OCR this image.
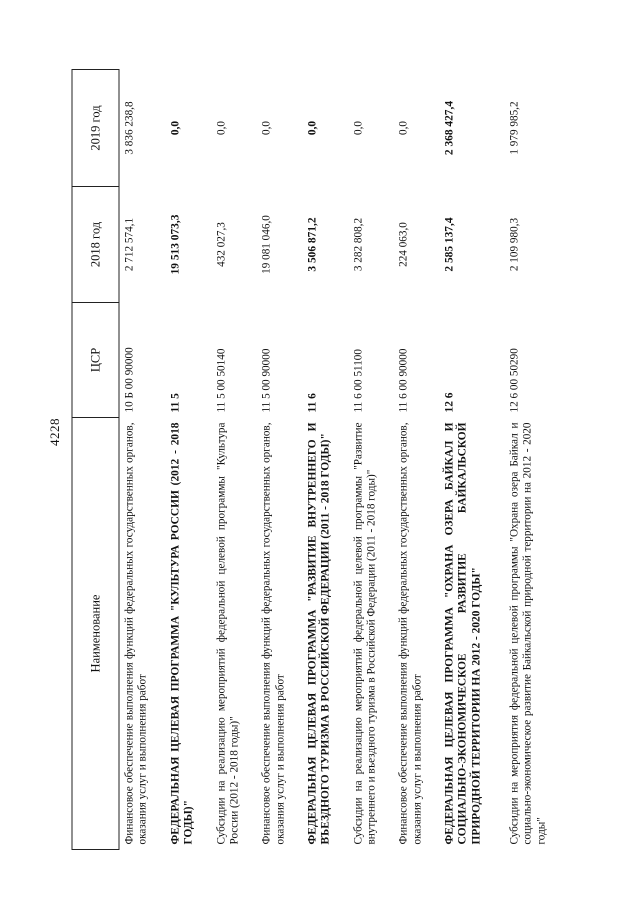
4228
Наименование	ЦСР	2018 год	2019 год
Финансовое обеспечение выполнения функций федеральных государственных органов, оказания услуг и выполнения работ	10 Б 00 90000	2 712 574,1	3 836 238,8
ФЕДЕРАЛЬНАЯ ЦЕЛЕВАЯ ПРОГРАММА "КУЛЬТУРА РОССИИ (2012 - 2018 ГОДЫ)"	11 5	19 513 073,3	0,0
Субсидии на реализацию мероприятий федеральной целевой программы "Культура России (2012 - 2018 годы)"	11 5 00 50140	432 027,3	0,0
Финансовое обеспечение выполнения функций федеральных государственных органов, оказания услуг и выполнения работ	11 5 00 90000	19 081 046,0	0,0
ФЕДЕРАЛЬНАЯ ЦЕЛЕВАЯ ПРОГРАММА "РАЗВИТИЕ ВНУТРЕННЕГО И ВЪЕЗДНОГО ТУРИЗМА В РОССИЙСКОЙ ФЕДЕРАЦИИ (2011 - 2018 ГОДЫ)"	11 6	3 506 871,2	0,0
Субсидии на реализацию мероприятий федеральной целевой программы "Развитие внутреннего и въездного туризма в Российской Федерации (2011 - 2018 годы)"	11 6 00 51100	3 282 808,2	0,0
Финансовое обеспечение выполнения функций федеральных государственных органов, оказания услуг и выполнения работ	11 6 00 90000	224 063,0	0,0
ФЕДЕРАЛЬНАЯ ЦЕЛЕВАЯ ПРОГРАММА "ОХРАНА ОЗЕРА БАЙКАЛ И СОЦИАЛЬНО-ЭКОНОМИЧЕСКОЕ РАЗВИТИЕ БАЙКАЛЬСКОЙ ПРИРОДНОЙ ТЕРРИТОРИИ НА 2012 - 2020 ГОДЫ"	12 6	2 585 137,4	2 368 427,4
Субсидии на мероприятия федеральной целевой программы "Охрана озера Байкал и социально-экономическое развитие Байкальской природной территории на 2012 - 2020 годы"	12 6 00 50290	2 109 980,3	1 979 985,2
